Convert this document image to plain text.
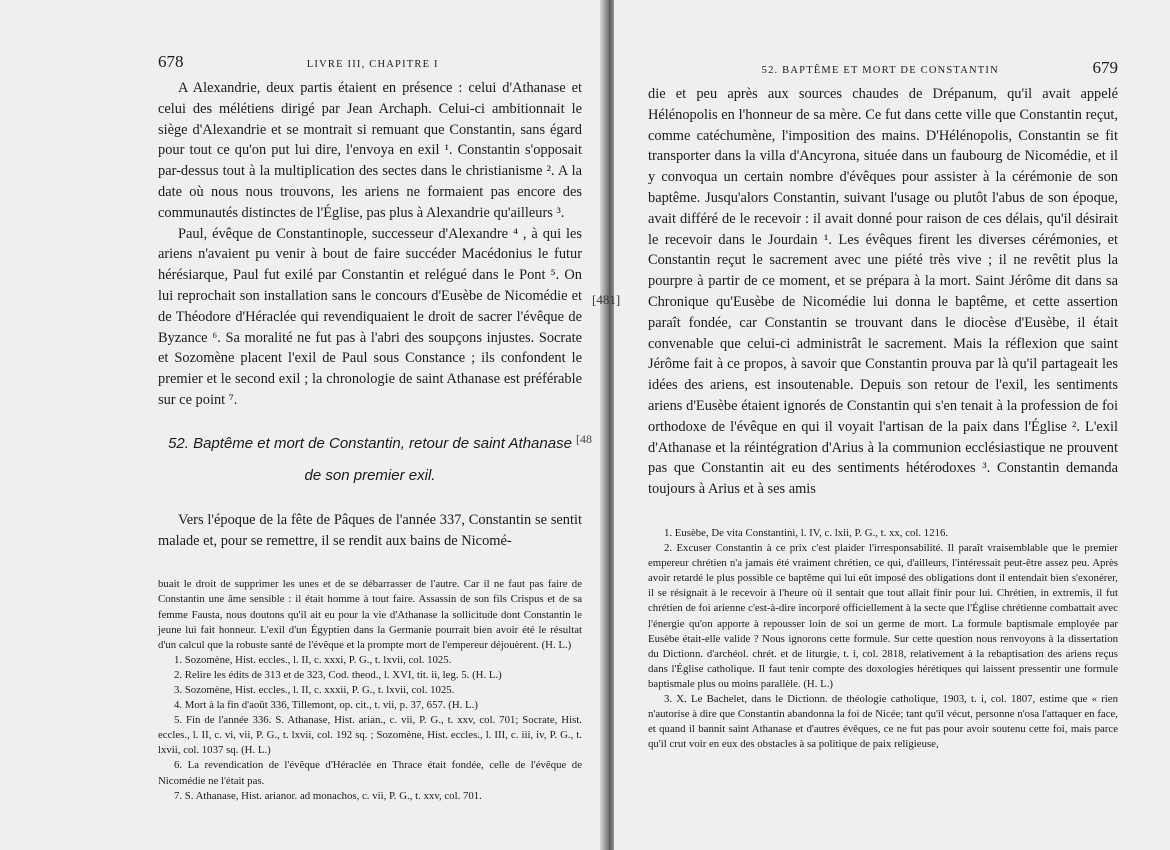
678	LIVRE III, CHAPITRE I

A Alexandrie, deux partis étaient en présence : celui d'Athanase et celui des mélétiens dirigé par Jean Archaph. Celui-ci ambitionnait le siège d'Alexandrie et se montrait si remuant que Constantin, sans égard pour tout ce qu'on put lui dire, l'envoya en exil ¹. Constantin s'opposait par-dessus tout à la multiplication des sectes dans le christianisme ². A la date où nous nous trouvons, les ariens ne formaient pas encore des communautés distinctes de l'Église, pas plus à Alexandrie qu'ailleurs ³.

Paul, évêque de Constantinople, successeur d'Alexandre ⁴ , à qui les ariens n'avaient pu venir à bout de faire succéder Macédonius le futur hérésiarque, Paul fut exilé par Constantin et relégué dans le Pont ⁵. On lui reprochait son installation sans le concours d'Eusèbe de Nicomédie et de Théodore d'Héraclée qui revendiquaient le droit de sacrer l'évêque de Byzance ⁶. Sa moralité ne fut pas à l'abri des soupçons injustes. Socrate et Sozomène placent l'exil de Paul sous Constance ; ils confondent le premier et le second exil ; la chronologie de saint Athanase est préférable sur ce point ⁷.

52. Baptême et mort de Constantin, retour de saint Athanase
de son premier exil.

Vers l'époque de la fête de Pâques de l'année 337, Constantin se sentit malade et, pour se remettre, il se rendit aux bains de Nicomé-

buait le droit de supprimer les unes et de se débarrasser de l'autre. Car il ne faut pas faire de Constantin une âme sensible : il était homme à tout faire. Assassin de son fils Crispus et de sa femme Fausta, nous doutons qu'il ait eu pour la vie d'Athanase la sollicitude dont Constantin le jeune lui fait honneur. L'exil d'un Égyptien dans la Germanie pourrait bien avoir été le résultat d'un calcul que la robuste santé de l'évêque et la prompte mort de l'empereur déjouèrent. (H. L.)
1. Sozomène, Hist. eccles., l. II, c. xxxi, P. G., t. lxvii, col. 1025.
2. Relire les édits de 313 et de 323, Cod. theod., l. XVI, tit. ii, leg. 5. (H. L.)
3. Sozomène, Hist. eccles., l. II, c. xxxii, P. G., t. lxvii, col. 1025.
4. Mort à la fin d'août 336, Tillemont, op. cit., t. vii, p. 37, 657. (H. L.)
5. Fin de l'année 336. S. Athanase, Hist. arian., c. vii, P. G., t. xxv, col. 701; Socrate, Hist. eccles., l. II, c. vi, vii, P. G., t. lxvii, col. 192 sq. ; Sozomène, Hist. eccles., l. III, c. iii, iv, P. G., t. lxvii, col. 1037 sq. (H. L.)
6. La revendication de l'évêque d'Héraclée en Thrace était fondée, celle de l'évêque de Nicomédie ne l'était pas.
7. S. Athanase, Hist. arianor. ad monachos, c. vii, P. G., t. xxv, col. 701.
52. BAPTÊME ET MORT DE CONSTANTIN	679

die et peu après aux sources chaudes de Drépanum, qu'il avait appelé Hélénopolis en l'honneur de sa mère. Ce fut dans cette ville que Constantin reçut, comme catéchumène, l'imposition des mains. D'Hélénopolis, Constantin se fit transporter dans la villa d'Ancyrona, située dans un faubourg de Nicomédie, et il y convoqua un certain nombre d'évêques pour assister à la cérémonie de son baptême. Jusqu'alors Constantin, suivant l'usage ou plutôt l'abus de son époque, avait différé de le recevoir : il avait donné pour raison de ces délais, qu'il désirait le recevoir dans le Jourdain ¹. Les évêques firent les diverses cérémonies, et Constantin reçut le sacrement avec une piété très vive ; il ne revêtit plus la pourpre à partir de ce moment, et se prépara à la mort. Saint Jérôme dit dans sa Chronique qu'Eusèbe de Nicomédie lui donna le baptême, et cette assertion paraît fondée, car Constantin se trouvant dans le diocèse d'Eusèbe, il était convenable que celui-ci administrât le sacrement. Mais la réflexion que saint Jérôme fait à ce propos, à savoir que Constantin prouva par là qu'il partageait les idées des ariens, est insoutenable. Depuis son retour de l'exil, les sentiments ariens d'Eusèbe étaient ignorés de Constantin qui s'en tenait à la profession de foi orthodoxe de l'évêque en qui il voyait l'artisan de la paix dans l'Église ². L'exil d'Athanase et la réintégration d'Arius à la communion ecclésiastique ne prouvent pas que Constantin ait eu des sentiments hétérodoxes ³. Constantin demanda toujours à Arius et à ses amis

1. Eusèbe, De vita Constantini, l. IV, c. lxii, P. G., t. xx, col. 1216.
2. Excuser Constantin à ce prix c'est plaider l'irresponsabilité. Il paraît vraisemblable que le premier empereur chrétien n'a jamais été vraiment chrétien, ce qui, d'ailleurs, l'intéressait peut-être assez peu. Après avoir retardé le plus possible ce baptême qui lui eût imposé des obligations dont il entendait bien s'exonérer, il se résignait à le recevoir à l'heure où il sentait que tout allait finir pour lui. Chrétien, in extremis, il fut chrétien de foi arienne c'est-à-dire incorporé officiellement à la secte que l'Église chrétienne combattait avec l'énergie qu'on apporte à repousser loin de soi un germe de mort. La formule baptismale employée par Eusèbe était-elle valide ? Nous ignorons cette formule. Sur cette question nous renvoyons à la dissertation du Dictionn. d'archéol. chrét. et de liturgie, t. i, col. 2818, relativement à la rebaptisation des ariens reçus dans l'Église catholique. Il faut tenir compte des doxologies hérétiques qui laissent pressentir une formule baptismale plus ou moins parallèle. (H. L.)
3. X. Le Bachelet, dans le Dictionn. de théologie catholique, 1903, t. i, col. 1807, estime que « rien n'autorise à dire que Constantin abandonna la foi de Nicée; tant qu'il vécut, personne n'osa l'attaquer en face, et quand il bannit saint Athanase et d'autres évêques, ce ne fut pas pour avoir soutenu cette foi, mais parce qu'il crut voir en eux des obstacles à sa politique de paix religieuse,
[48
[481]
